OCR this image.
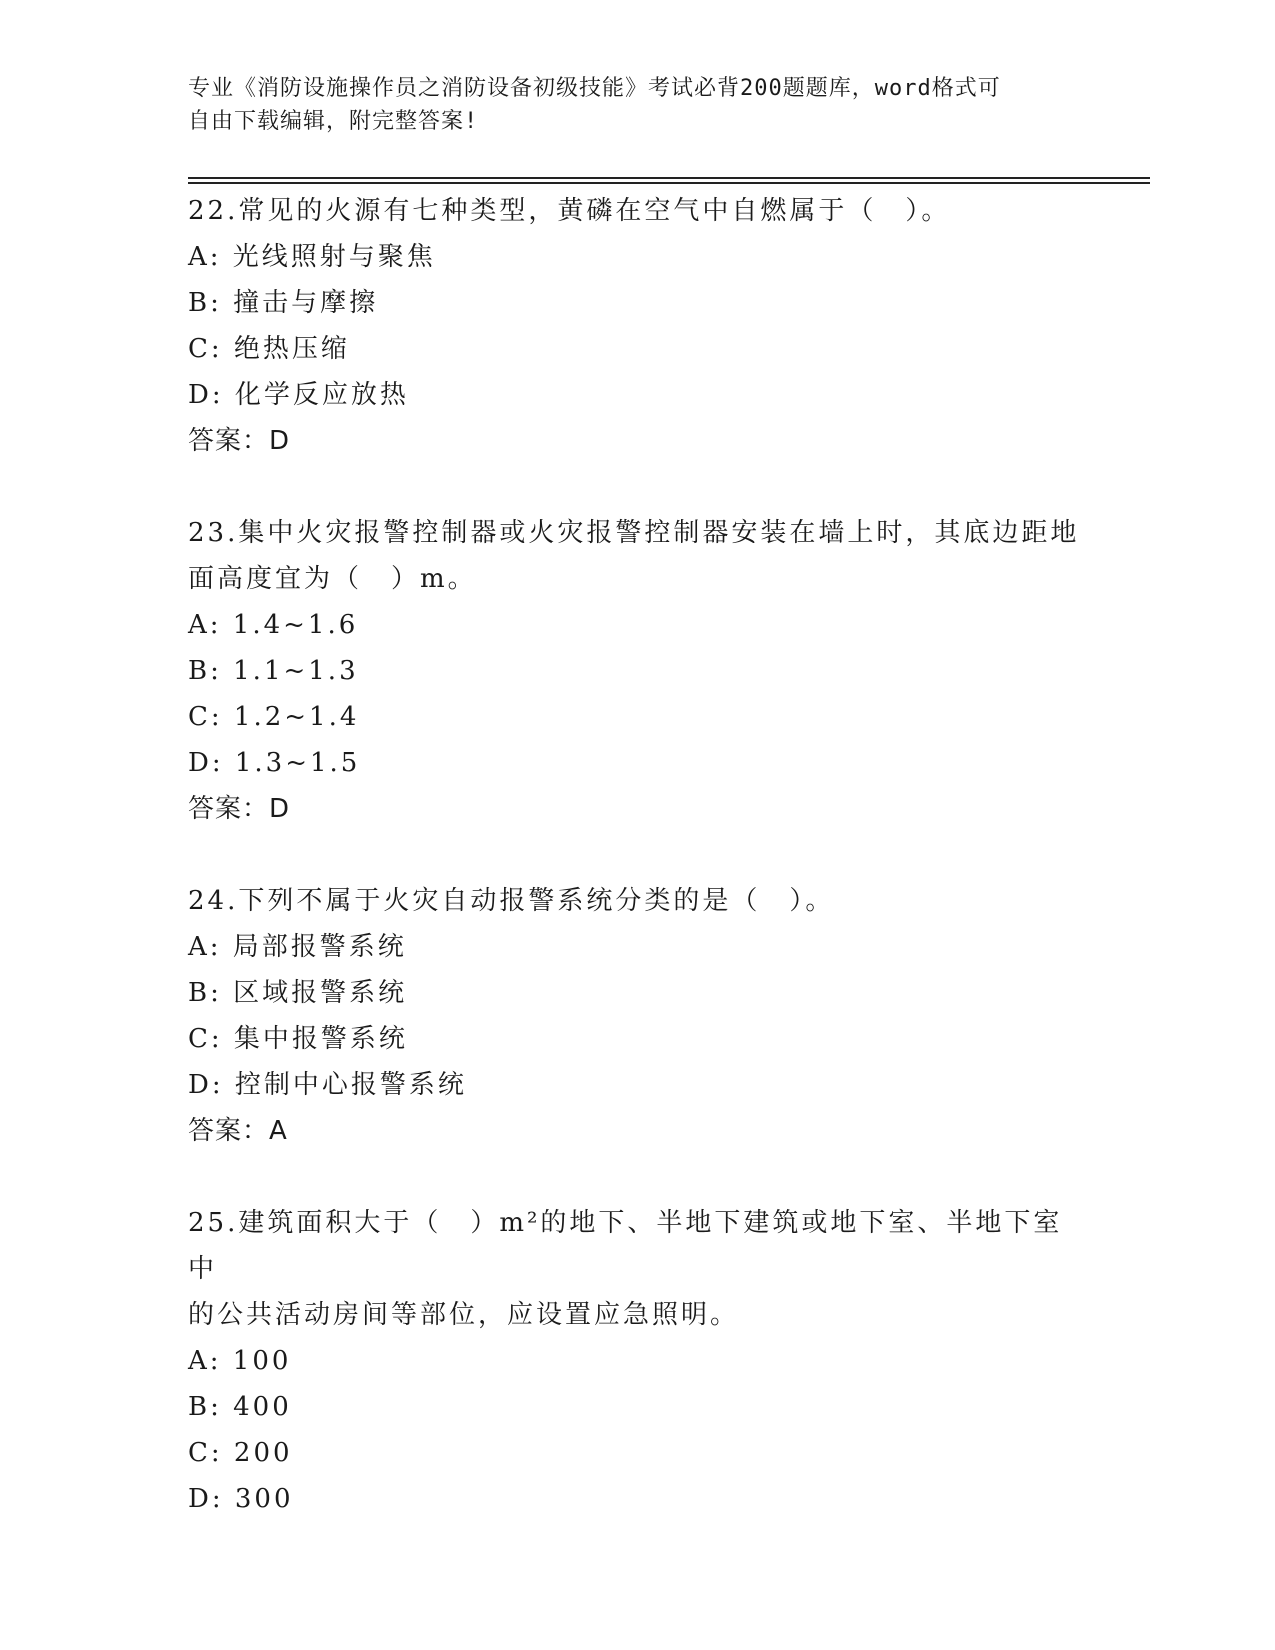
专业《消防设施操作员之消防设备初级技能》考试必背200题题库，word格式可
自由下载编辑，附完整答案!

22.常见的火源有七种类型，黄磷在空气中自燃属于（　）。

A: 光线照射与聚焦

B: 撞击与摩擦

C: 绝热压缩

D: 化学反应放热

答案：D

23.集中火灾报警控制器或火灾报警控制器安装在墙上时，其底边距地

面高度宜为（　）m。

A: 1.4~1.6

B: 1.1~1.3

C: 1.2~1.4

D: 1.3~1.5

答案：D

24.下列不属于火灾自动报警系统分类的是（　）。

A: 局部报警系统

B: 区域报警系统

C: 集中报警系统

D: 控制中心报警系统

答案：A

25.建筑面积大于（　）m²的地下、半地下建筑或地下室、半地下室中

的公共活动房间等部位，应设置应急照明。

A: 100

B: 400

C: 200

D: 300
